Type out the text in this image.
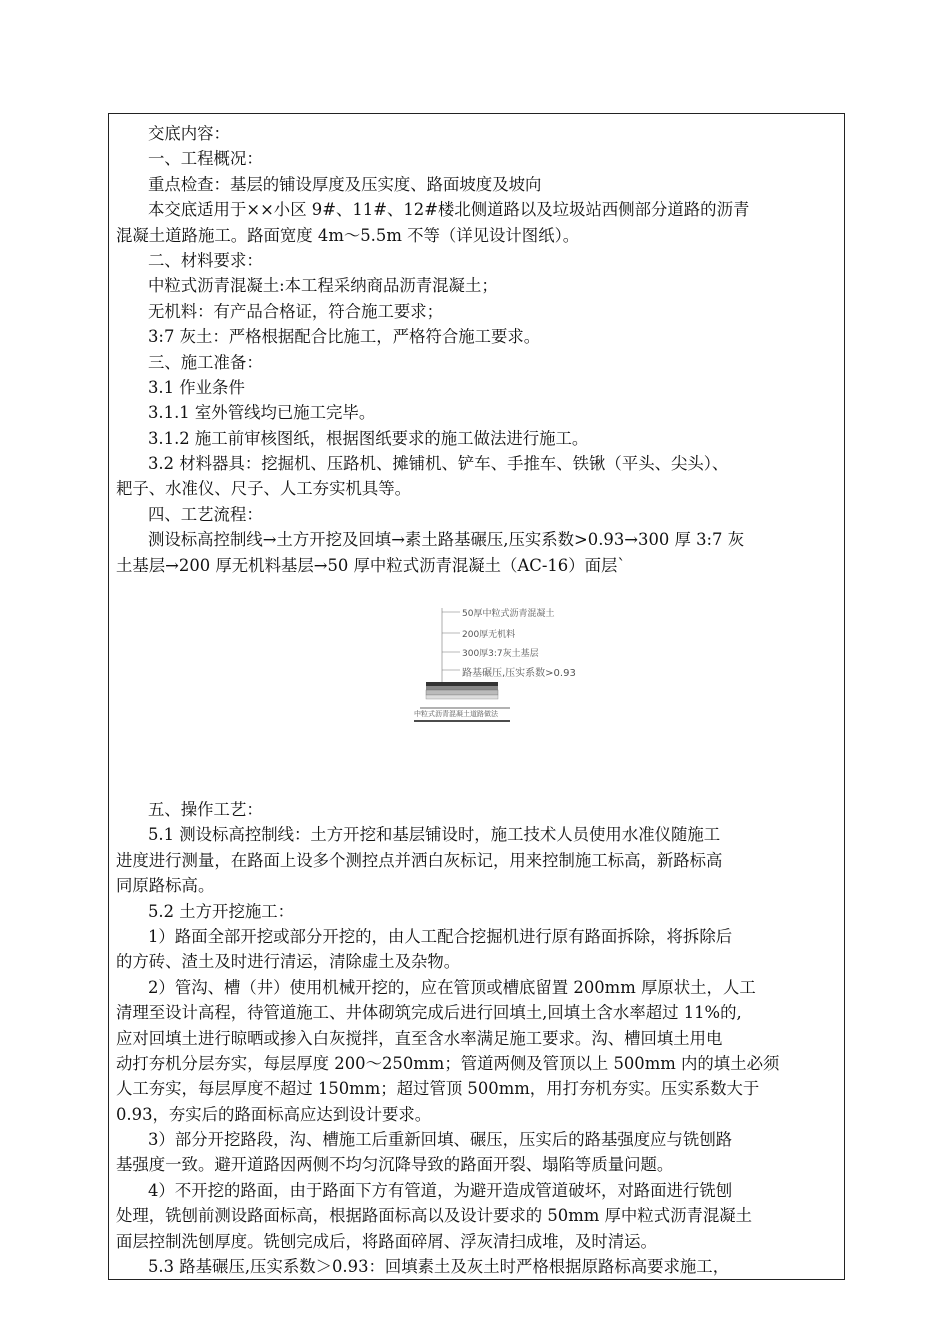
交底内容：
一、工程概况：
重点检查：基层的铺设厚度及压实度、路面坡度及坡向
本交底适用于××小区 9#、11#、12#楼北侧道路以及垃圾站西侧部分道路的沥青
混凝土道路施工。路面宽度 4m～5.5m 不等（详见设计图纸）。
二、材料要求：
中粒式沥青混凝土:本工程采纳商品沥青混凝土；
无机料：有产品合格证，符合施工要求；
3:7 灰土：严格根据配合比施工，严格符合施工要求。
三、施工准备：
3.1 作业条件
3.1.1 室外管线均已施工完毕。
3.1.2 施工前审核图纸，根据图纸要求的施工做法进行施工。
3.2 材料器具：挖掘机、压路机、摊铺机、铲车、手推车、铁锹（平头、尖头）、
耙子、水准仪、尺子、人工夯实机具等。
四、工艺流程：
测设标高控制线→土方开挖及回填→素土路基碾压,压实系数>0.93→300 厚 3:7 灰
土基层→200 厚无机料基层→50 厚中粒式沥青混凝土（AC-16）面层`
50厚中粒式沥青混凝土
200厚无机料
300厚3:7灰土基层
路基碾压,压实系数>0.93
中粒式沥青混凝土道路做法
五、操作工艺：
5.1 测设标高控制线：土方开挖和基层铺设时，施工技术人员使用水准仪随施工
进度进行测量，在路面上设多个测控点并洒白灰标记，用来控制施工标高，新路标高
同原路标高。
5.2 土方开挖施工：
1）路面全部开挖或部分开挖的，由人工配合挖掘机进行原有路面拆除，将拆除后
的方砖、渣土及时进行清运，清除虚土及杂物。
2）管沟、槽（井）使用机械开挖的，应在管顶或槽底留置 200mm 厚原状土，人工
清理至设计高程，待管道施工、井体砌筑完成后进行回填土,回填土含水率超过 11%的,
应对回填土进行晾晒或掺入白灰搅拌，直至含水率满足施工要求。沟、槽回填土用电
动打夯机分层夯实，每层厚度 200～250mm；管道两侧及管顶以上 500mm 内的填土必须
人工夯实，每层厚度不超过 150mm；超过管顶 500mm，用打夯机夯实。压实系数大于
0.93，夯实后的路面标高应达到设计要求。
3）部分开挖路段，沟、槽施工后重新回填、碾压，压实后的路基强度应与铣刨路
基强度一致。避开道路因两侧不均匀沉降导致的路面开裂、塌陷等质量问题。
4）不开挖的路面，由于路面下方有管道，为避开造成管道破坏，对路面进行铣刨
处理，铣刨前测设路面标高，根据路面标高以及设计要求的 50mm 厚中粒式沥青混凝土
面层控制洗刨厚度。铣刨完成后，将路面碎屑、浮灰清扫成堆，及时清运。
5.3 路基碾压,压实系数＞0.93：回填素土及灰土时严格根据原路标高要求施工，
